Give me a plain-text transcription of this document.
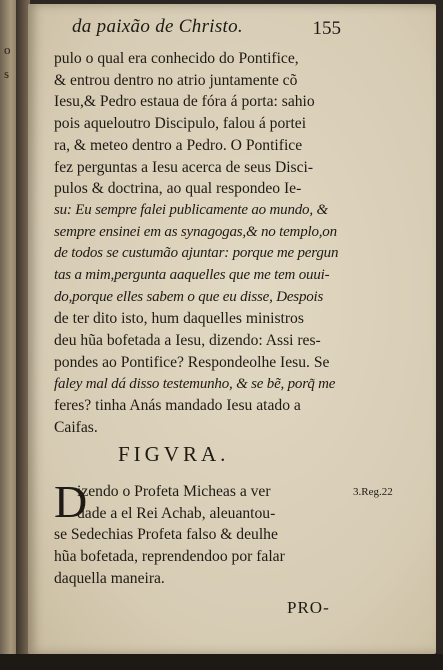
o
s
da paixão de Christo.	155
pulo o qual era conhecido do Pontifice,
& entrou dentro no atrio juntamente cõ
Iesu,& Pedro estaua de fóra á porta: sahio
pois aqueloutro Discipulo, falou á portei
ra, & meteo dentro a Pedro. O Pontifice
fez perguntas a Iesu acerca de seus Disci-
pulos & doctrina, ao qual respondeo Ie-
su: Eu sempre falei publicamente ao mundo, &
sempre ensinei em as synagogas,& no templo,on
de todos se custumão ajuntar: porque me pergun
tas a mim,pergunta aaquelles que me tem ouui-
do,porque elles sabem o que eu disse, Despois
de ter dito isto, hum daquelles ministros
deu hũa bofetada a Iesu, dizendo: Assi res-
pondes ao Pontifice? Respondeolhe Iesu. Se
faley mal dá disso testemunho, & se bẽ, porq̃ me
feres? tinha Anás mandado Iesu atado a
Caifas.
FIGVRA.
D
izendo o Profeta Micheas a ver
dade a el Rei Achab, aleuantou-
se Sedechias Profeta falso & deulhe
hũa bofetada, reprendendoo por falar
daquella maneira.
3.Reg.22
PRO-
